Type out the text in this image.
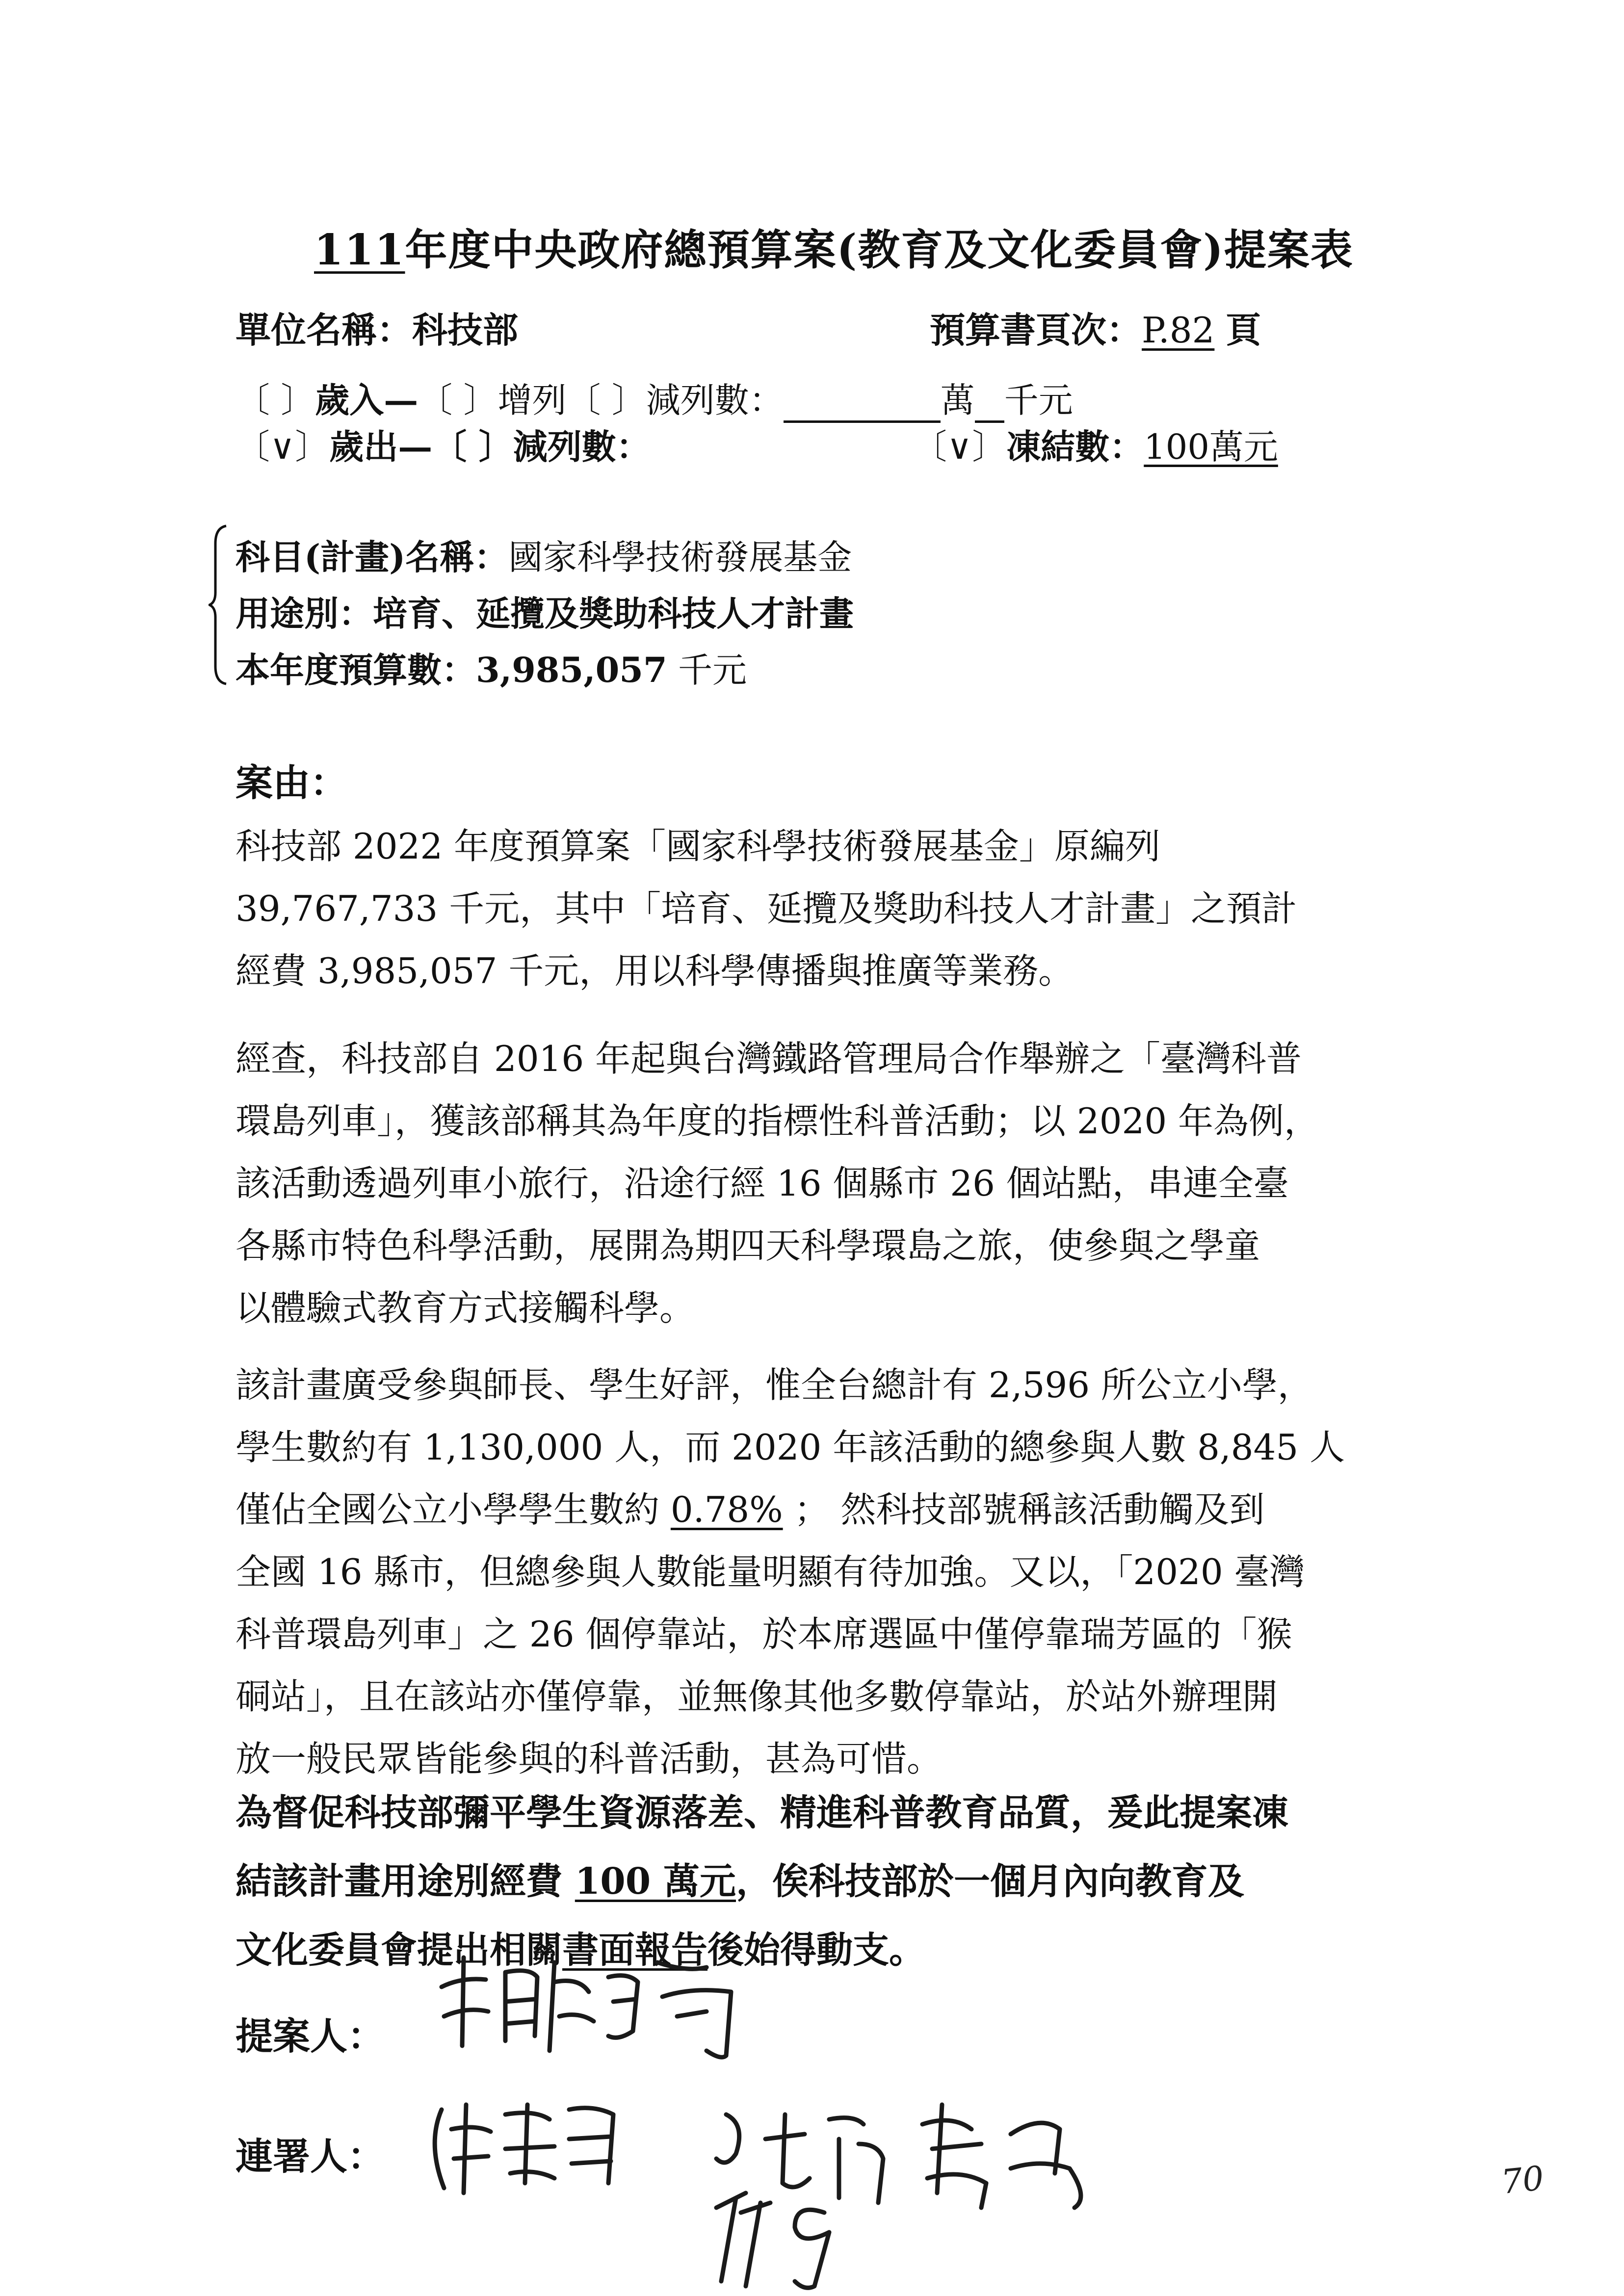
111年度中央政府總預算案(教育及文化委員會)提案表
單位名稱：科技部	預算書頁次：P.82 頁
〔 〕歲入—〔 〕增列〔 〕減列數：	萬 千元
〔∨〕歲出—〔 〕減列數：	〔∨〕凍結數：100萬元
科目(計畫)名稱：國家科學技術發展基金
用途別：培育、延攬及獎助科技人才計畫
本年度預算數：3,985,057 千元
案由：
科技部 2022 年度預算案「國家科學技術發展基金」原編列
39,767,733 千元，其中「培育、延攬及獎助科技人才計畫」之預計
經費 3,985,057 千元，用以科學傳播與推廣等業務。
經查，科技部自 2016 年起與台灣鐵路管理局合作舉辦之「臺灣科普
環島列車」，獲該部稱其為年度的指標性科普活動；以 2020 年為例，
該活動透過列車小旅行，沿途行經 16 個縣市 26 個站點，串連全臺
各縣市特色科學活動，展開為期四天科學環島之旅，使參與之學童
以體驗式教育方式接觸科學。
該計畫廣受參與師長、學生好評，惟全台總計有 2,596 所公立小學，
學生數約有 1,130,000 人，而 2020 年該活動的總參與人數 8,845 人
僅佔全國公立小學學生數約 0.78% ； 然科技部號稱該活動觸及到
全國 16 縣市，但總參與人數能量明顯有待加強。又以，「2020 臺灣
科普環島列車」之 26 個停靠站，於本席選區中僅停靠瑞芳區的「猴
硐站」，且在該站亦僅停靠，並無像其他多數停靠站，於站外辦理開
放一般民眾皆能參與的科普活動，甚為可惜。
為督促科技部彌平學生資源落差、精進科普教育品質，爰此提案凍
結該計畫用途別經費 100 萬元，俟科技部於一個月內向教育及
文化委員會提出相關書面報告後始得動支。
提案人：
連署人：
70
